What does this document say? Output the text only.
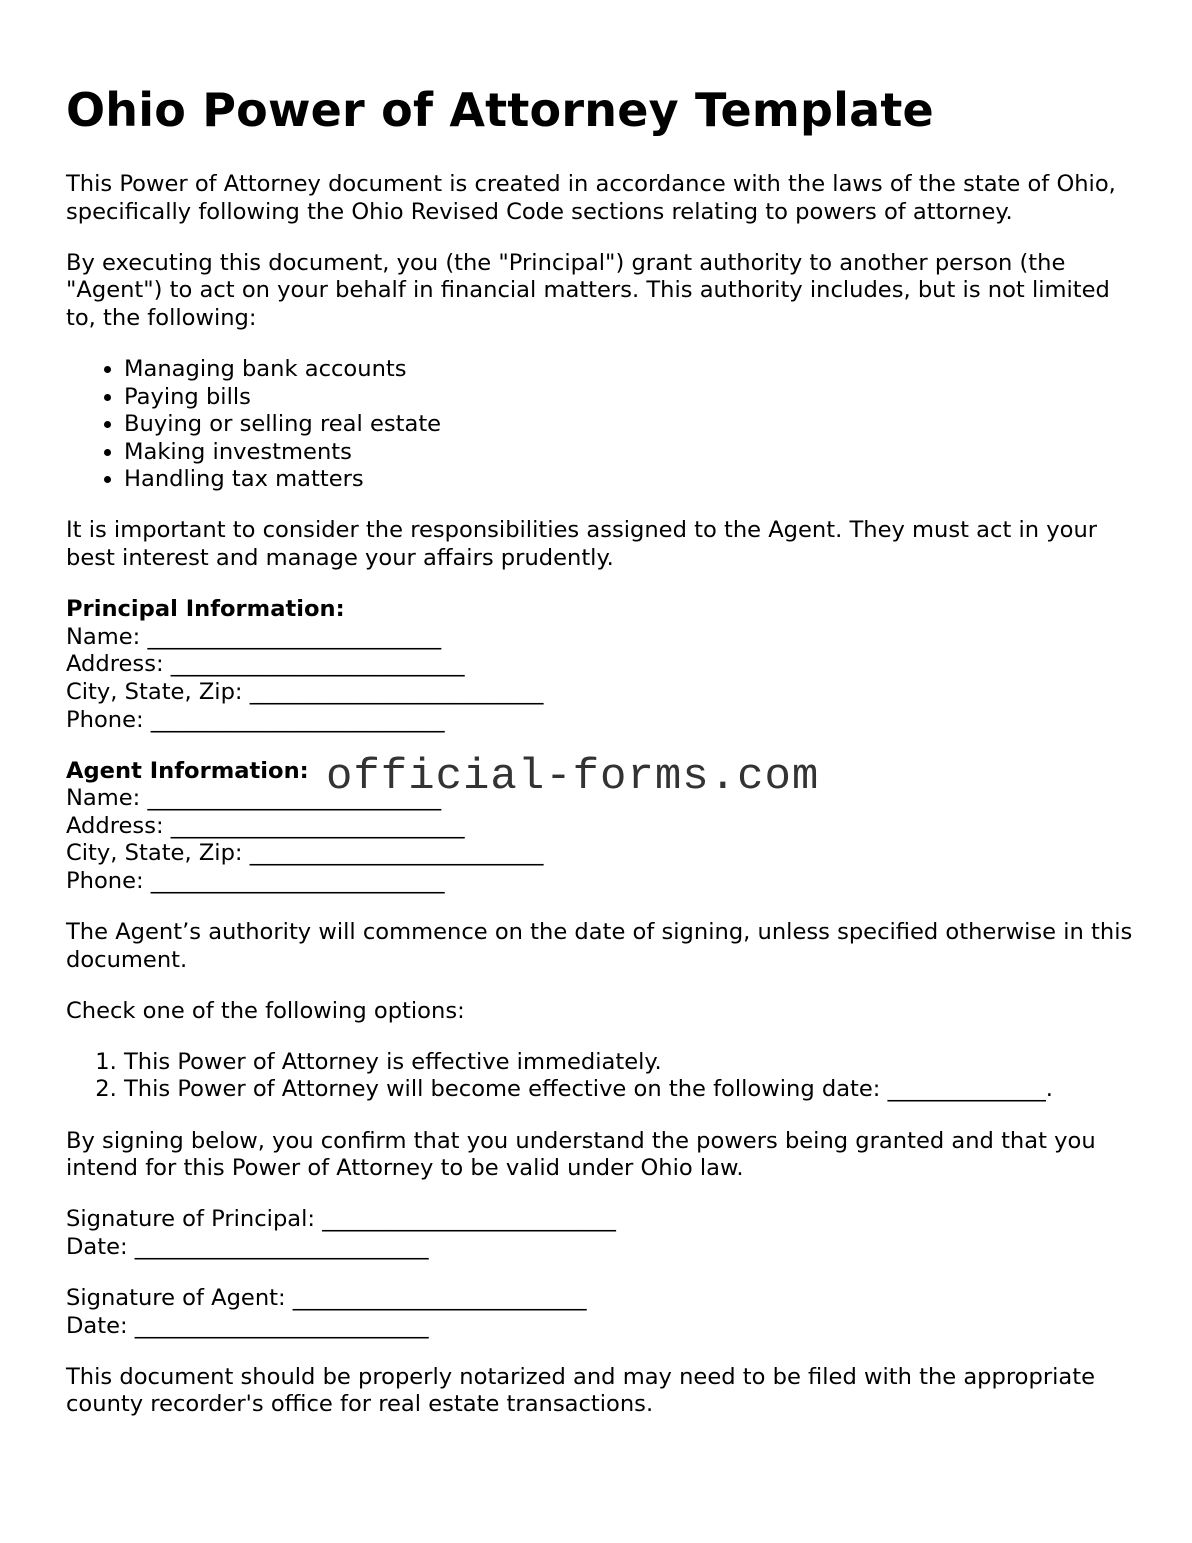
Ohio Power of Attorney Template

This Power of Attorney document is created in accordance with the laws of the state of Ohio, specifically following the Ohio Revised Code sections relating to powers of attorney.

By executing this document, you (the "Principal") grant authority to another person (the "Agent") to act on your behalf in financial matters. This authority includes, but is not limited to, the following:

• Managing bank accounts
• Paying bills
• Buying or selling real estate
• Making investments
• Handling tax matters

It is important to consider the responsibilities assigned to the Agent. They must act in your best interest and manage your affairs prudently.

Principal Information:
Name: __________________________
Address: __________________________
City, State, Zip: __________________________
Phone: __________________________
Agent Information:
Name: __________________________
Address: __________________________
City, State, Zip: __________________________
Phone: __________________________

The Agent’s authority will commence on the date of signing, unless specified otherwise in this document.

Check one of the following options:

1. This Power of Attorney is effective immediately.
2. This Power of Attorney will become effective on the following date: ______________.

By signing below, you confirm that you understand the powers being granted and that you intend for this Power of Attorney to be valid under Ohio law.

Signature of Principal: __________________________
Date: __________________________
Signature of Agent: __________________________
Date: __________________________

This document should be properly notarized and may need to be filed with the appropriate county recorder's office for real estate transactions.

official-forms.com
